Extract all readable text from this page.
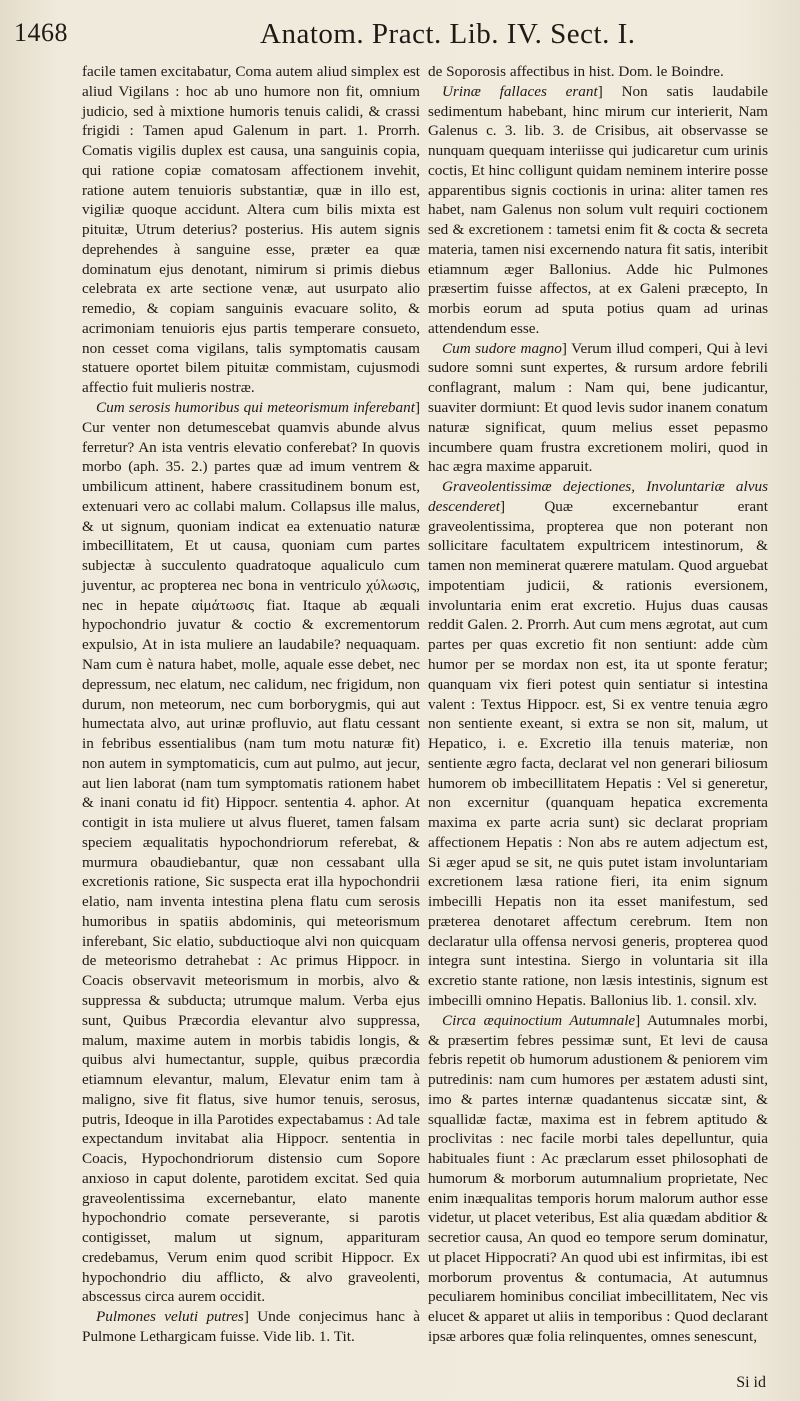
1468	Anatom. Pract. Lib. IV. Sect. I.

facile tamen excitabatur, Coma autem aliud simplex est aliud Vigilans : hoc ab uno humore non fit, omnium judicio, sed à mixtione humoris tenuis calidi, & crassi frigidi : Tamen apud Galenum in part. 1. Prorrh. Comatis vigilis duplex est causa, una sanguinis copia, qui ratione copiæ comatosam affectionem invehit, ratione autem tenuioris substantiæ, quæ in illo est, vigiliæ quoque accidunt. Altera cum bilis mixta est pituitæ, Utrum deterius? posterius. His autem signis deprehendes à sanguine esse, præter ea quæ dominatum ejus denotant, nimirum si primis diebus celebrata ex arte sectione venæ, aut usurpato alio remedio, & copiam sanguinis evacuare solito, & acrimoniam tenuioris ejus partis temperare consueto, non cesset coma vigilans, talis symptomatis causam statuere oportet bilem pituitæ commistam, cujusmodi affectio fuit mulieris nostræ.

Cum serosis humoribus qui meteorismum inferebant] Cur venter non detumescebat quamvis abunde alvus ferretur? An ista ventris elevatio conferebat? In quovis morbo (aph. 35. 2.) partes quæ ad imum ventrem & umbilicum attinent, habere crassitudinem bonum est, extenuari vero ac collabi malum. Collapsus ille malus, & ut signum, quoniam indicat ea extenuatio naturæ imbecillitatem, Et ut causa, quoniam cum partes subjectæ à succulento quadratoque aqualiculo cum juventur, ac propterea nec bona in ventriculo χύλωσις, nec in hepate αἱμάτωσις fiat. Itaque ab æquali hypochondrio juvatur & coctio & excrementorum expulsio, At in ista muliere an laudabile? nequaquam. Nam cum è natura habet, molle, aquale esse debet, nec depressum, nec elatum, nec calidum, nec frigidum, non durum, non meteorum, nec cum borborygmis, qui aut humectata alvo, aut urinæ profluvio, aut flatu cessant in febribus essentialibus (nam tum motu naturæ fit) non autem in symptomaticis, cum aut pulmo, aut jecur, aut lien laborat (nam tum symptomatis rationem habet & inani conatu id fit) Hippocr. sententia 4. aphor. At contigit in ista muliere ut alvus flueret, tamen falsam speciem æqualitatis hypochondriorum referebat, & murmura obaudiebantur, quæ non cessabant ulla excretionis ratione, Sic suspecta erat illa hypochondrii elatio, nam inventa intestina plena flatu cum serosis humoribus in spatiis abdominis, qui meteorismum inferebant, Sic elatio, subductioque alvi non quicquam de meteorismo detrahebat : Ac primus Hippocr. in Coacis observavit meteorismum in morbis, alvo & suppressa & subducta; utrumque malum. Verba ejus sunt, Quibus Præcordia elevantur alvo suppressa, malum, maxime autem in morbis tabidis longis, & quibus alvi humectantur, supple, quibus præcordia etiamnum elevantur, malum, Elevatur enim tam à maligno, sive fit flatus, sive humor tenuis, serosus, putris, Ideoque in illa Parotides expectabamus : Ad tale expectandum invitabat alia Hippocr. sententia in Coacis, Hypochondriorum distensio cum Sopore anxioso in caput dolente, parotidem excitat. Sed quia graveolentissima excernebantur, elato manente hypochondrio comate perseverante, si parotis contigisset, malum ut signum, apparituram credebamus, Verum enim quod scribit Hippocr. Ex hypochondrio diu afflicto, & alvo graveolenti, abscessus circa aurem occidit.

Pulmones veluti putres] Unde conjecimus hanc à Pulmone Lethargicam fuisse. Vide lib. 1. Tit.

de Soporosis affectibus in hist. Dom. le Boindre.

Urinæ fallaces erant] Non satis laudabile sedimentum habebant, hinc mirum cur interierit, Nam Galenus c. 3. lib. 3. de Crisibus, ait observasse se nunquam quequam interiisse qui judicaretur cum urinis coctis, Et hinc colligunt quidam neminem interire posse apparentibus signis coctionis in urina: aliter tamen res habet, nam Galenus non solum vult requiri coctionem sed & excretionem : tametsi enim fit & cocta & secreta materia, tamen nisi excernendo natura fit satis, interibit etiamnum æger Ballonius. Adde hic Pulmones præsertim fuisse affectos, at ex Galeni præcepto, In morbis eorum ad sputa potius quam ad urinas attendendum esse.

Cum sudore magno] Verum illud comperi, Qui à levi sudore somni sunt expertes, & rursum ardore febrili conflagrant, malum : Nam qui, bene judicantur, suaviter dormiunt: Et quod levis sudor inanem conatum naturæ significat, quum melius esset pepasmo incumbere quam frustra excretionem moliri, quod in hac ægra maxime apparuit.

Graveolentissimæ dejectiones, Involuntariæ alvus descenderet] Quæ excernebantur erant graveolentissima, propterea que non poterant non sollicitare facultatem expultricem intestinorum, & tamen non meminerat quærere matulam. Quod arguebat impotentiam judicii, & rationis eversionem, involuntaria enim erat excretio. Hujus duas causas reddit Galen. 2. Prorrh. Aut cum mens ægrotat, aut cum partes per quas excretio fit non sentiunt: adde cùm humor per se mordax non est, ita ut sponte feratur; quanquam vix fieri potest quin sentiatur si intestina valent : Textus Hippocr. est, Si ex ventre tenuia ægro non sentiente exeant, si extra se non sit, malum, ut Hepatico, i. e. Excretio illa tenuis materiæ, non sentiente ægro facta, declarat vel non generari biliosum humorem ob imbecillitatem Hepatis : Vel si generetur, non excernitur (quanquam hepatica excrementa maxima ex parte acria sunt) sic declarat propriam affectionem Hepatis : Non abs re autem adjectum est, Si æger apud se sit, ne quis putet istam involuntariam excretionem læsa ratione fieri, ita enim signum imbecilli Hepatis non ita esset manifestum, sed præterea denotaret affectum cerebrum. Item non declaratur ulla offensa nervosi generis, propterea quod integra sunt intestina. Siergo in voluntaria sit illa excretio stante ratione, non læsis intestinis, signum est imbecilli omnino Hepatis. Ballonius lib. 1. consil. xlv.

Circa æquinoctium Autumnale] Autumnales morbi, & præsertim febres pessimæ sunt, Et levi de causa febris repetit ob humorum adustionem & peniorem vim putredinis: nam cum humores per æstatem adusti sint, imo & partes internæ quadantenus siccatæ sint, & squallidæ factæ, maxima est in febrem aptitudo & proclivitas : nec facile morbi tales depelluntur, quia habituales fiunt : Ac præclarum esset philosophati de humorum & morborum autumnalium proprietate, Nec enim inæqualitas temporis horum malorum author esse videtur, ut placet veteribus, Est alia quædam abditior & secretior causa, An quod eo tempore serum dominatur, ut placet Hippocrati? An quod ubi est infirmitas, ibi est morborum proventus & contumacia, At autumnus peculiarem hominibus conciliat imbecillitatem, Nec vis elucet & apparet ut aliis in temporibus : Quod declarant ipsæ arbores quæ folia relinquentes, omnes senescunt,

Si id
